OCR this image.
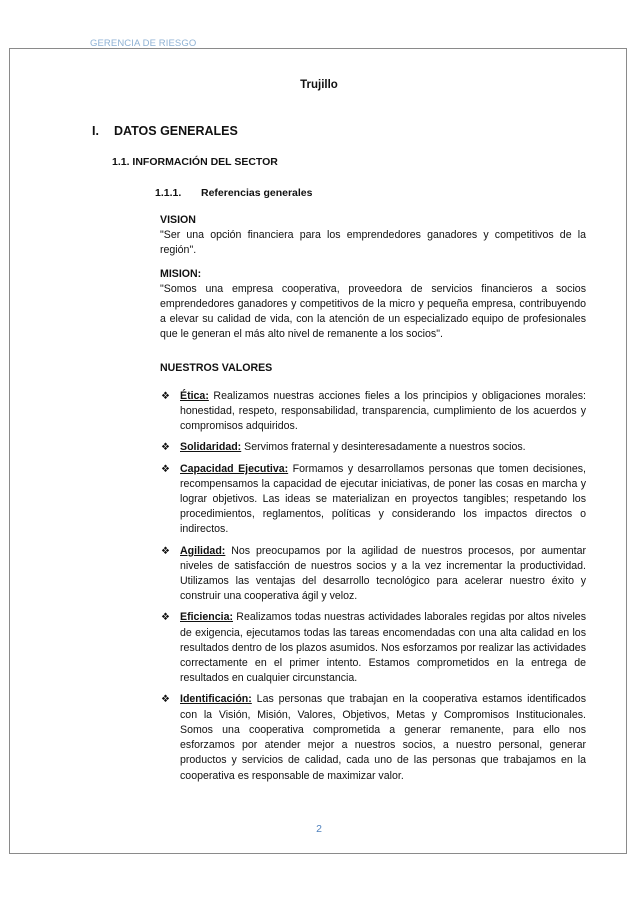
GERENCIA DE RIESGO
Trujillo
I. DATOS GENERALES
1.1. INFORMACIÓN DEL SECTOR
1.1.1. Referencias generales
VISION
"Ser una opción financiera para los emprendedores ganadores y competitivos de la región".
MISION:
"Somos una empresa cooperativa, proveedora de servicios financieros a socios emprendedores ganadores y competitivos de la micro y pequeña empresa, contribuyendo a elevar su calidad de vida, con la atención de un especializado equipo de profesionales que le generan el más alto nivel de remanente a los socios".
NUESTROS VALORES
❖ Ética: Realizamos nuestras acciones fieles a los principios y obligaciones morales: honestidad, respeto, responsabilidad, transparencia, cumplimiento de los acuerdos y compromisos adquiridos.
❖ Solidaridad: Servimos fraternal y desinteresadamente a nuestros socios.
❖ Capacidad Ejecutiva: Formamos y desarrollamos personas que tomen decisiones, recompensamos la capacidad de ejecutar iniciativas, de poner las cosas en marcha y lograr objetivos. Las ideas se materializan en proyectos tangibles; respetando los procedimientos, reglamentos, políticas y considerando los impactos directos o indirectos.
❖ Agilidad: Nos preocupamos por la agilidad de nuestros procesos, por aumentar niveles de satisfacción de nuestros socios y a la vez incrementar la productividad. Utilizamos las ventajas del desarrollo tecnológico para acelerar nuestro éxito y construir una cooperativa ágil y veloz.
❖ Eficiencia: Realizamos todas nuestras actividades laborales regidas por altos niveles de exigencia, ejecutamos todas las tareas encomendadas con una alta calidad en los resultados dentro de los plazos asumidos. Nos esforzamos por realizar las actividades correctamente en el primer intento. Estamos comprometidos en la entrega de resultados en cualquier circunstancia.
❖ Identificación: Las personas que trabajan en la cooperativa estamos identificados con la Visión, Misión, Valores, Objetivos, Metas y Compromisos Institucionales. Somos una cooperativa comprometida a generar remanente, para ello nos esforzamos por atender mejor a nuestros socios, a nuestro personal, generar productos y servicios de calidad, cada uno de las personas que trabajamos en la cooperativa es responsable de maximizar valor.
2
